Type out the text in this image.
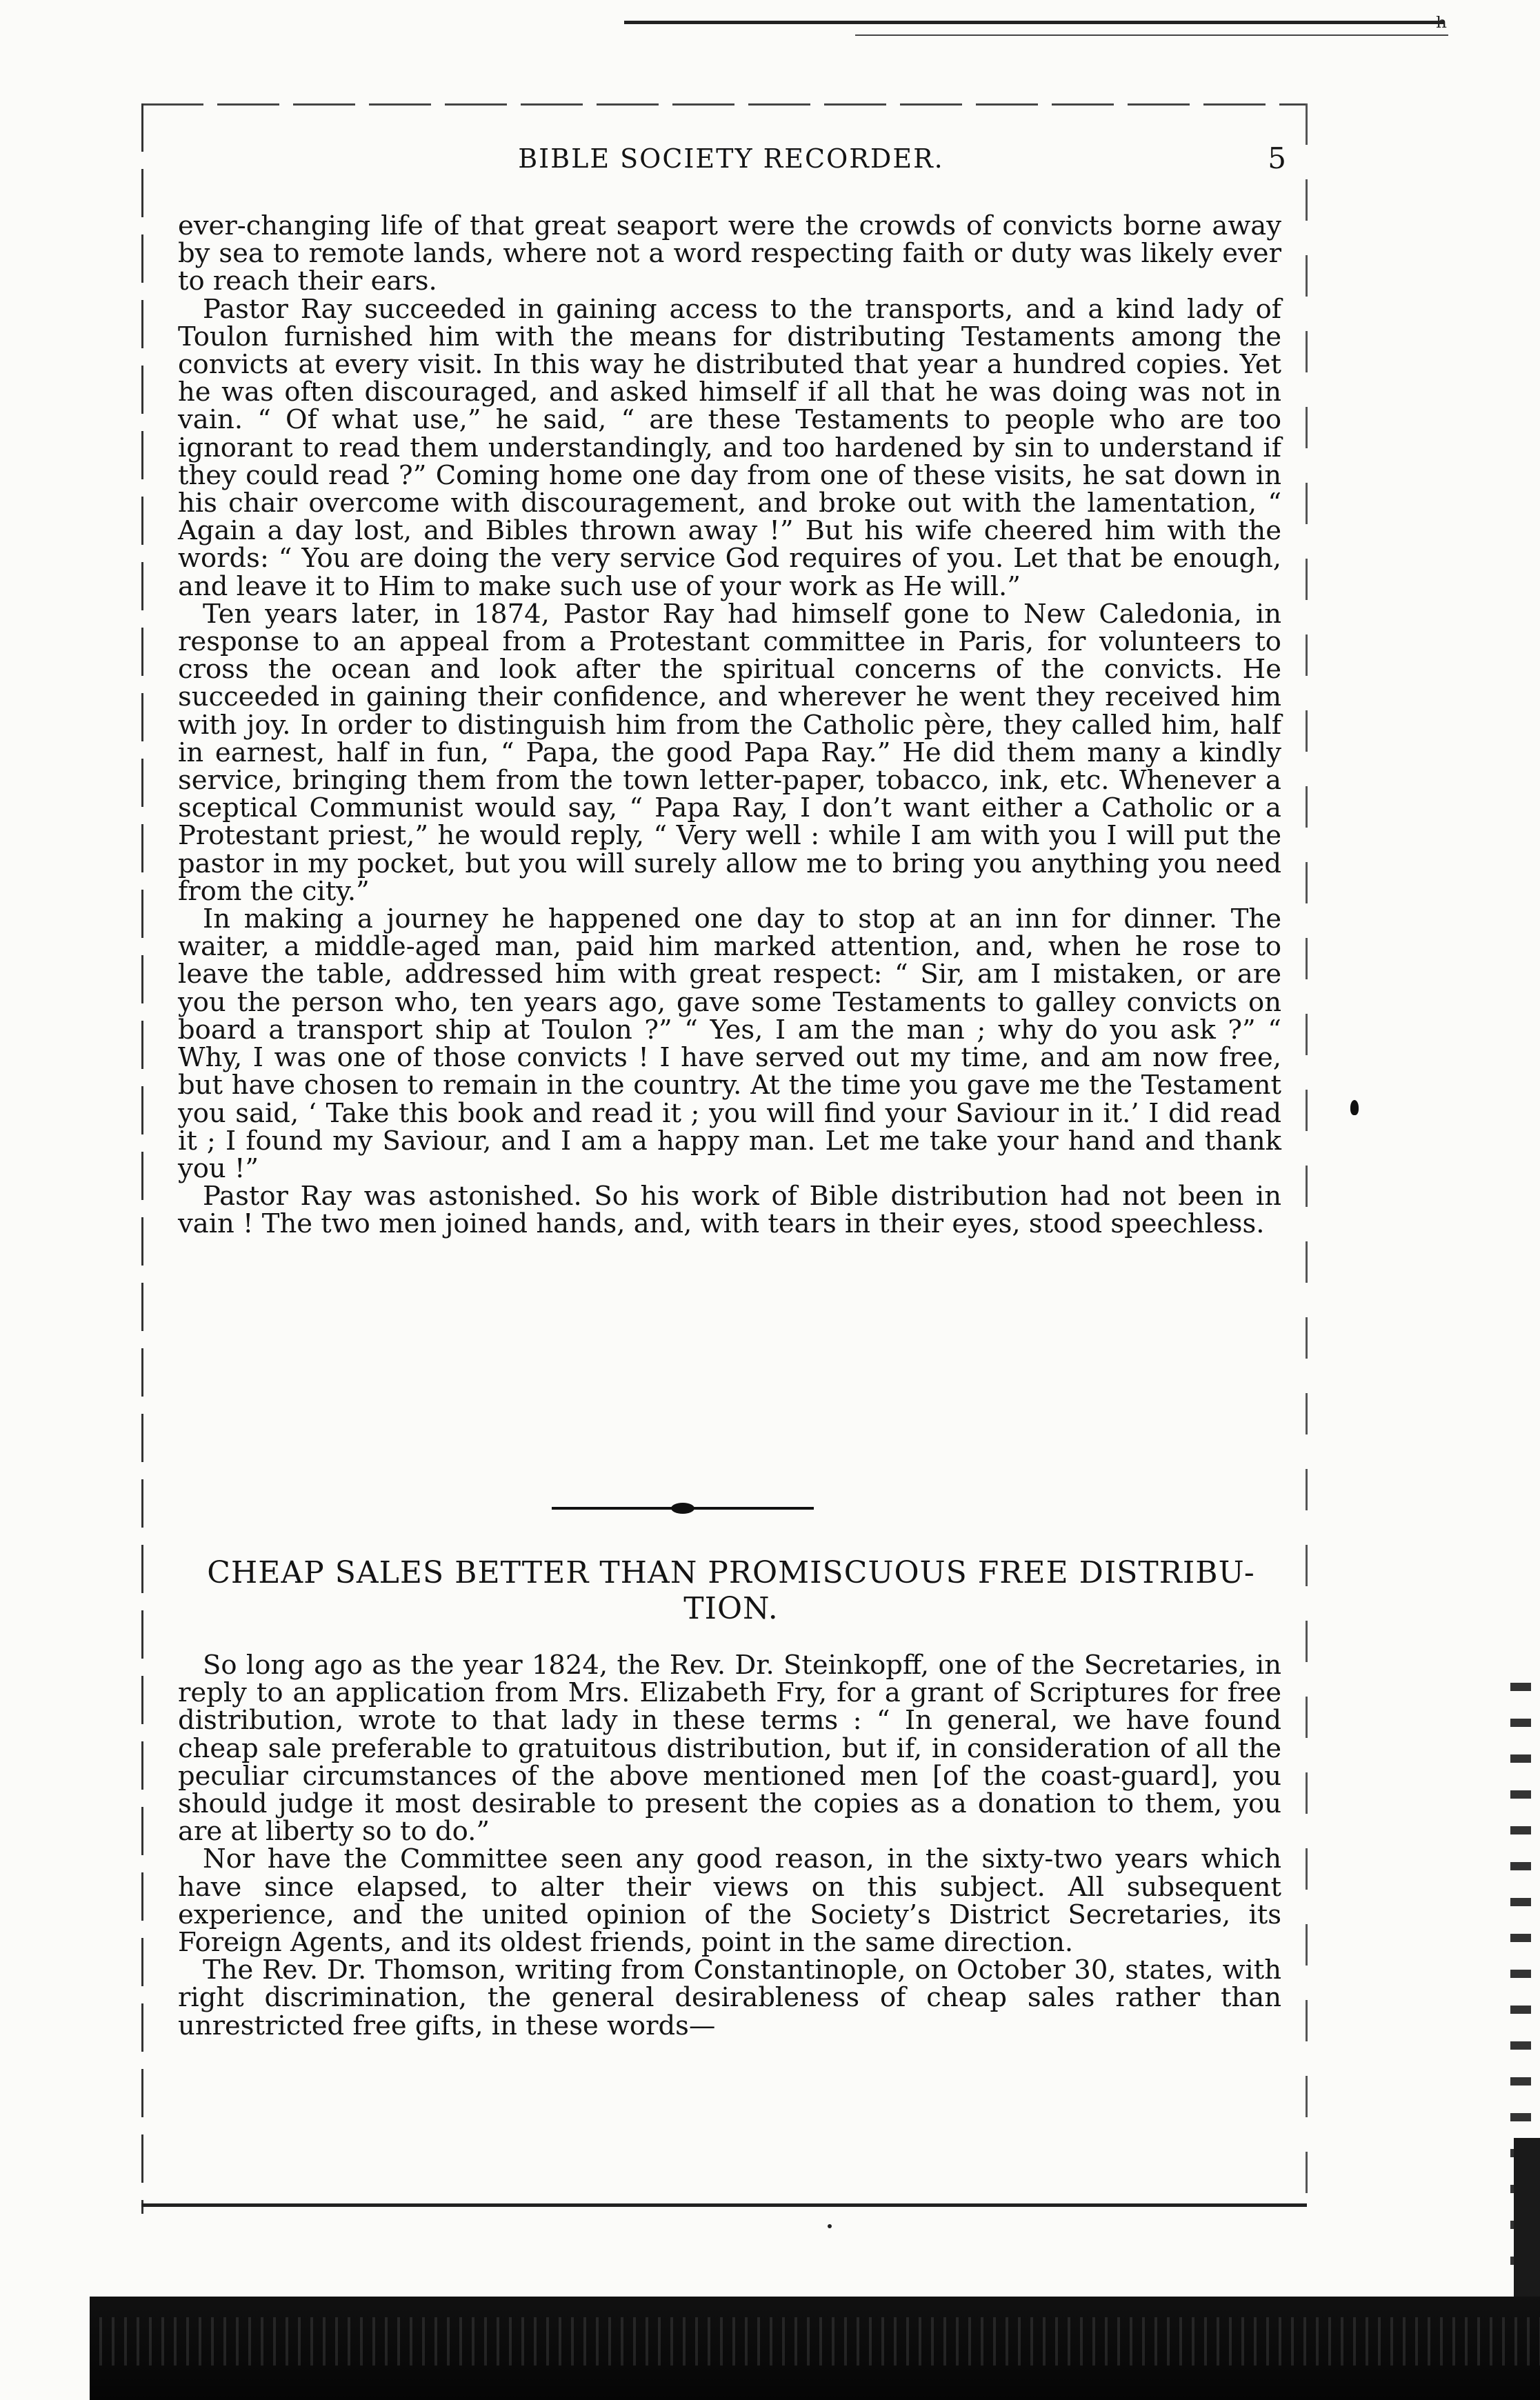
ʰ
BIBLE SOCIETY RECORDER.	5

ever-changing life of that great seaport were the crowds of convicts borne away by sea to remote lands, where not a word respecting faith or duty was likely ever to reach their ears.

Pastor Ray succeeded in gaining access to the transports, and a kind lady of Toulon furnished him with the means for distributing Testaments among the convicts at every visit. In this way he distributed that year a hundred copies. Yet he was often discouraged, and asked himself if all that he was doing was not in vain. “ Of what use,” he said, “ are these Testaments to people who are too ignorant to read them understandingly, and too hardened by sin to understand if they could read ?” Coming home one day from one of these visits, he sat down in his chair overcome with discouragement, and broke out with the lamentation, “ Again a day lost, and Bibles thrown away !” But his wife cheered him with the words: “ You are doing the very service God requires of you. Let that be enough, and leave it to Him to make such use of your work as He will.”

Ten years later, in 1874, Pastor Ray had himself gone to New Caledonia, in response to an appeal from a Protestant committee in Paris, for volunteers to cross the ocean and look after the spiritual concerns of the convicts. He succeeded in gaining their confidence, and wherever he went they received him with joy. In order to distinguish him from the Catholic père, they called him, half in earnest, half in fun, “ Papa, the good Papa Ray.” He did them many a kindly service, bringing them from the town letter-paper, tobacco, ink, etc. Whenever a sceptical Communist would say, “ Papa Ray, I don’t want either a Catholic or a Protestant priest,” he would reply, “ Very well : while I am with you I will put the pastor in my pocket, but you will surely allow me to bring you anything you need from the city.”

In making a journey he happened one day to stop at an inn for dinner. The waiter, a middle-aged man, paid him marked attention, and, when he rose to leave the table, addressed him with great respect: “ Sir, am I mistaken, or are you the person who, ten years ago, gave some Testaments to galley convicts on board a transport ship at Toulon ?” “ Yes, I am the man ; why do you ask ?” “ Why, I was one of those convicts ! I have served out my time, and am now free, but have chosen to remain in the country. At the time you gave me the Testament you said, ‘ Take this book and read it ; you will find your Saviour in it.’ I did read it ; I found my Saviour, and I am a happy man. Let me take your hand and thank you !”

Pastor Ray was astonished. So his work of Bible distribution had not been in vain ! The two men joined hands, and, with tears in their eyes, stood speechless.

CHEAP SALES BETTER THAN PROMISCUOUS FREE DISTRIBU-
TION.

So long ago as the year 1824, the Rev. Dr. Steinkopff, one of the Secretaries, in reply to an application from Mrs. Elizabeth Fry, for a grant of Scriptures for free distribution, wrote to that lady in these terms : “ In general, we have found cheap sale preferable to gratuitous distribution, but if, in consideration of all the peculiar circumstances of the above mentioned men [of the coast-guard], you should judge it most desirable to present the copies as a donation to them, you are at liberty so to do.”

Nor have the Committee seen any good reason, in the sixty-two years which have since elapsed, to alter their views on this subject. All subsequent experience, and the united opinion of the Society’s District Secretaries, its Foreign Agents, and its oldest friends, point in the same direction.

The Rev. Dr. Thomson, writing from Constantinople, on October 30, states, with right discrimination, the general desirableness of cheap sales rather than unrestricted free gifts, in these words—
